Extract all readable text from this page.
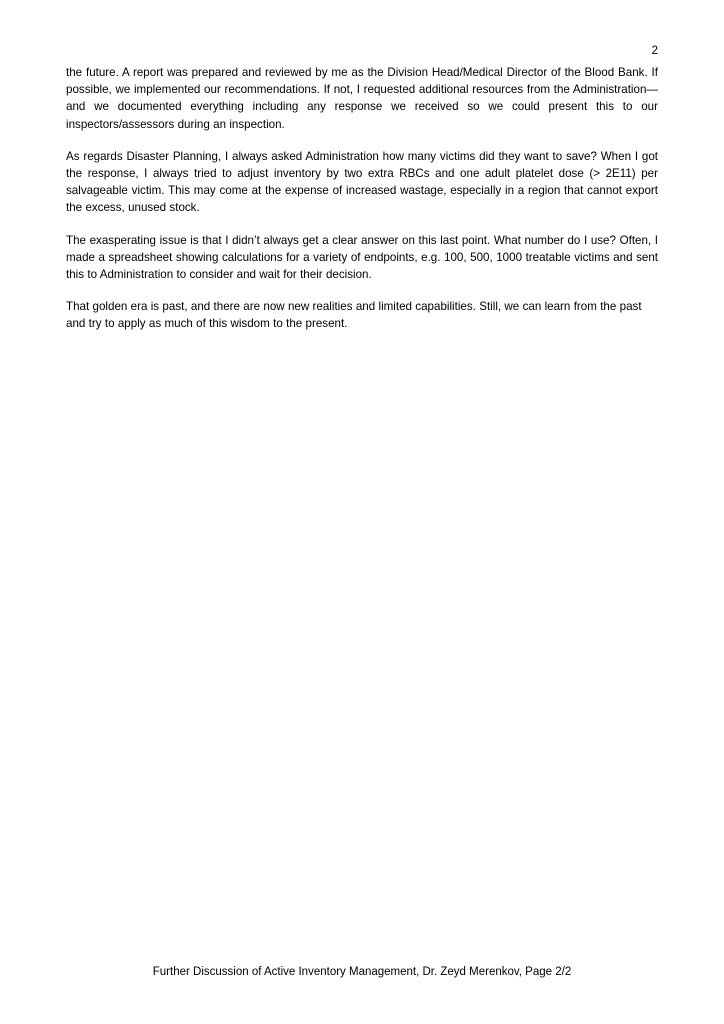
2

the future. A report was prepared and reviewed by me as the Division Head/Medical Director of the Blood Bank. If possible, we implemented our recommendations. If not, I requested additional resources from the Administration—and we documented everything including any response we received so we could present this to our inspectors/assessors during an inspection.

As regards Disaster Planning, I always asked Administration how many victims did they want to save? When I got the response, I always tried to adjust inventory by two extra RBCs and one adult platelet dose (> 2E11) per salvageable victim. This may come at the expense of increased wastage, especially in a region that cannot export the excess, unused stock.

The exasperating issue is that I didn’t always get a clear answer on this last point. What number do I use? Often, I made a spreadsheet showing calculations for a variety of endpoints, e.g. 100, 500, 1000 treatable victims and sent this to Administration to consider and wait for their decision.

That golden era is past, and there are now new realities and limited capabilities. Still, we can learn from the past and try to apply as much of this wisdom to the present.

Further Discussion of Active Inventory Management, Dr. Zeyd Merenkov, Page 2/2
